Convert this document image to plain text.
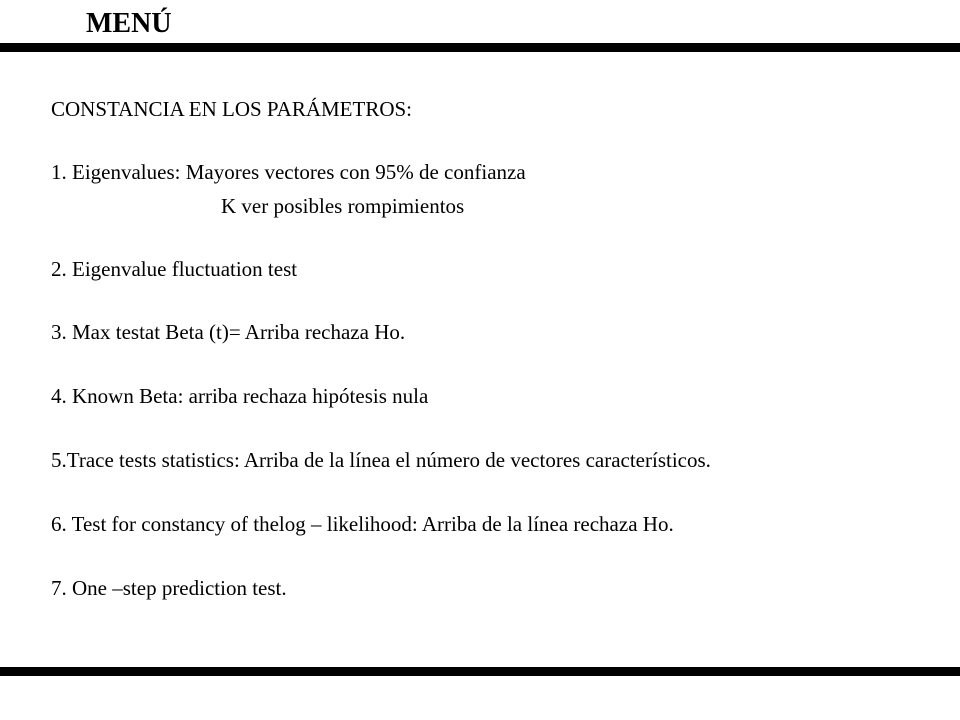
MENÚ
CONSTANCIA EN LOS PARÁMETROS:
1. Eigenvalues: Mayores vectores con 95% de confianza
K ver posibles rompimientos
2. Eigenvalue fluctuation test
3. Max testat Beta (t)= Arriba rechaza Ho.
4. Known Beta: arriba rechaza hipótesis nula
5.Trace tests statistics: Arriba de la línea el número de vectores característicos.
6. Test for constancy of thelog – likelihood: Arriba de la línea rechaza Ho.
7. One –step prediction test.
